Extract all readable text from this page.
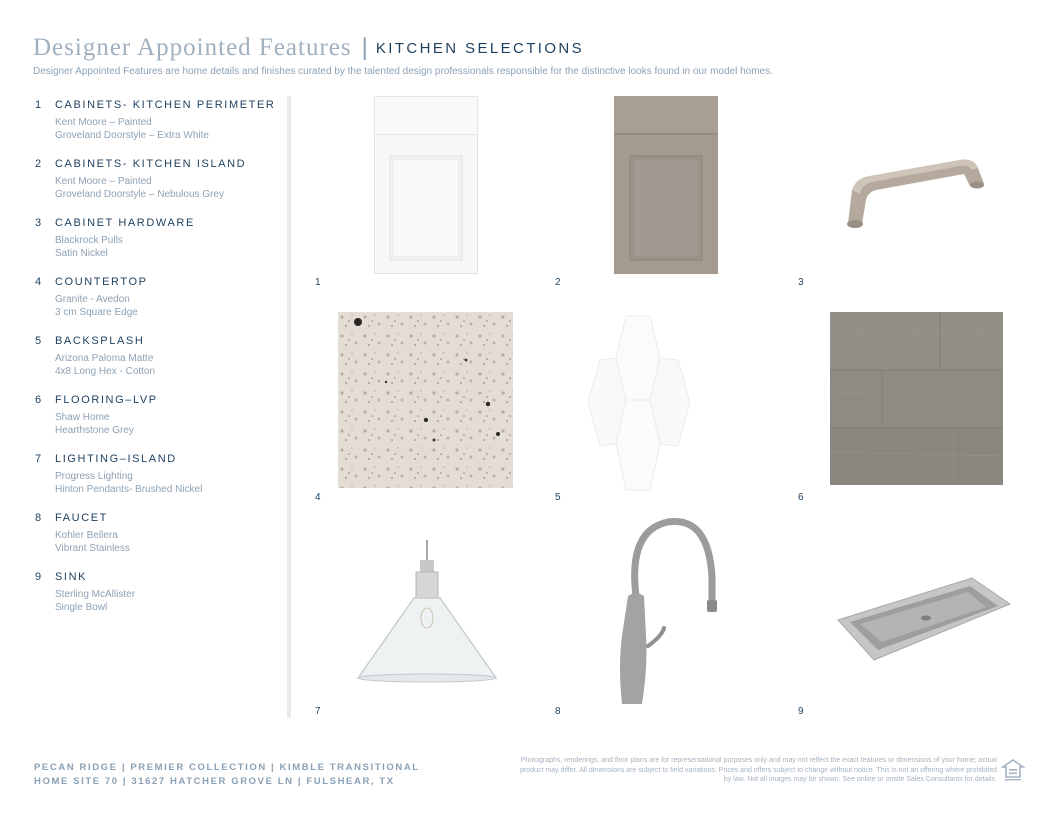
Designer Appointed Features | KITCHEN SELECTIONS
Designer Appointed Features are home details and finishes curated by the talented design professionals responsible for the distinctive looks found in our model homes.
1	CABINETS- KITCHEN PERIMETER
Kent Moore – Painted
Groveland Doorstyle – Extra White
2	CABINETS- KITCHEN ISLAND
Kent Moore – Painted
Groveland Doorstyle – Nebulous Grey
3	CABINET HARDWARE
Blackrock Pulls
Satin Nickel
4	COUNTERTOP
Granite - Avedon
3 cm Square Edge
5	BACKSPLASH
Arizona Paloma Matte
4x8 Long Hex - Cotton
6	FLOORING–LVP
Shaw Home
Hearthstone Grey
7	LIGHTING–ISLAND
Progress Lighting
Hinton Pendants- Brushed Nickel
8	FAUCET
Kohler Bellera
Vibrant Stainless
9	SINK
Sterling McAllister
Single Bowl
1	2	3
4	5	6
7	8	9
PECAN RIDGE | PREMIER COLLECTION | KIMBLE TRANSITIONAL
HOME SITE 70 | 31627 HATCHER GROVE LN | FULSHEAR, TX
Photographs, renderings, and floor plans are for representational purposes only and may not reflect the exact features or dimensions of your home; actual product may differ. All dimensions are subject to field variations. Prices and offers subject to change without notice. This is not an offering where prohibited by law. Not all images may be shown. See online or onsite Sales Consultants for details.
